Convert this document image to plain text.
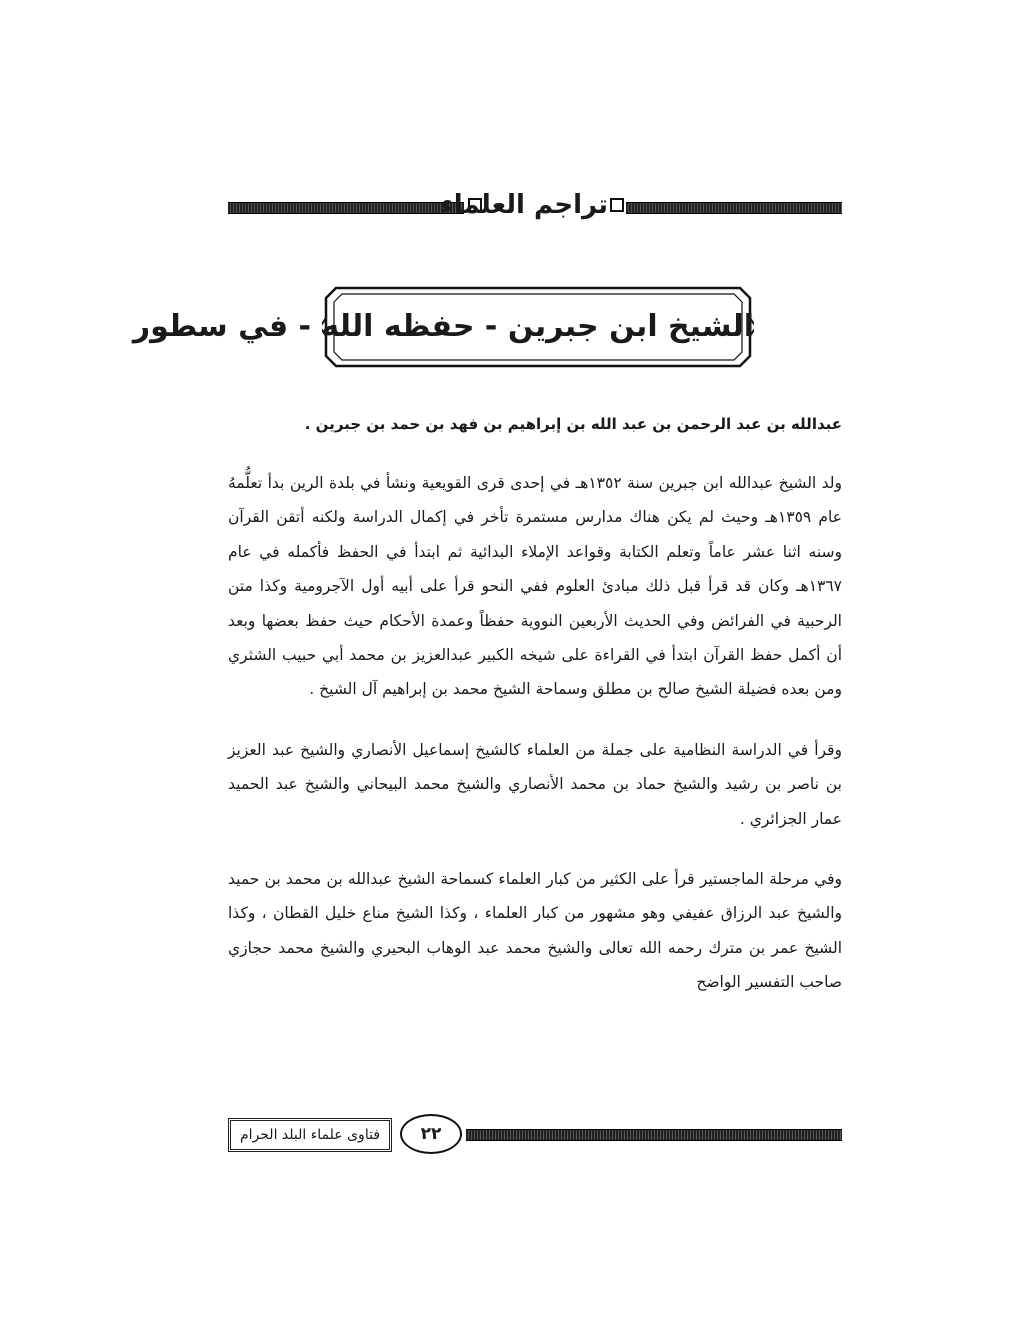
تراجم العلماء
الشيخ ابن جبرين - حفظه الله - في سطور

عبدالله بن عبد الرحمن بن عبد الله بن إبراهيم بن فهد بن حمد بن جبرين .

ولد الشيخ عبدالله ابن جبرين سنة ١٣٥٢هـ في إحدى قرى القويعية ونشأ في بلدة الرين بدأ تعلُّمهُ عام ١٣٥٩هـ وحيث لم يكن هناك مدارس مستمرة تأخر في إكمال الدراسة ولكنه أتقن القرآن وسنه اثنا عشر عاماً وتعلم الكتابة وقواعد الإملاء البدائية ثم ابتدأ في الحفظ فأكمله في عام ١٣٦٧هـ وكان قد قرأ قبل ذلك مبادئ العلوم ففي النحو قرأ على أبيه أول الآجرومية وكذا متن الرحبية في الفرائض وفي الحديث الأربعين النووية حفظاً وعمدة الأحكام حيث حفظ بعضها وبعد أن أكمل حفظ القرآن ابتدأ في القراءة على شيخه الكبير عبدالعزيز بن محمد أبي حبيب الشثري ومن بعده فضيلة الشيخ صالح بن مطلق وسماحة الشيخ محمد بن إبراهيم آل الشيخ .

وقرأ في الدراسة النظامية على جملة من العلماء كالشيخ إسماعيل الأنصاري والشيخ عبد العزيز بن ناصر بن رشيد والشيخ حماد بن محمد الأنصاري والشيخ محمد البيحاني والشيخ عبد الحميد عمار الجزائري .

وفي مرحلة الماجستير قرأ على الكثير من كبار العلماء كسماحة الشيخ عبدالله بن محمد بن حميد والشيخ عبد الرزاق عفيفي وهو مشهور من كبار العلماء ، وكذا الشيخ مناع خليل القطان ، وكذا الشيخ عمر بن مترك رحمه الله تعالى والشيخ محمد عبد الوهاب البحيري والشيخ محمد حجازي صاحب التفسير الواضح

فتاوى علماء البلد الحرام	٢٢
